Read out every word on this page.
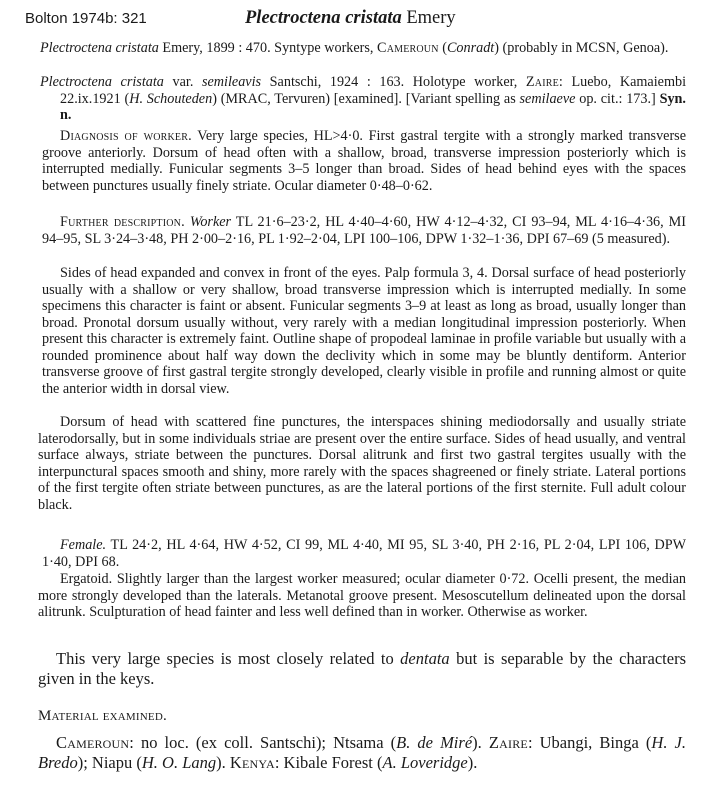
Bolton 1974b: 321	Plectroctena cristata Emery
Plectroctena cristata Emery, 1899 : 470. Syntype workers, Cameroun (Conradt) (probably in MCSN, Genoa).
Plectroctena cristata var. semileavis Santschi, 1924 : 163. Holotype worker, Zaire: Luebo, Kamaiembi 22.ix.1921 (H. Schouteden) (MRAC, Tervuren) [examined]. [Variant spelling as semilaeve op. cit.: 173.] Syn. n.
Diagnosis of worker. Very large species, HL>4·0. First gastral tergite with a strongly marked transverse groove anteriorly. Dorsum of head often with a shallow, broad, transverse impression posteriorly which is interrupted medially. Funicular segments 3–5 longer than broad. Sides of head behind eyes with the spaces between punctures usually finely striate. Ocular diameter 0·48–0·62.
Further description. Worker TL 21·6–23·2, HL 4·40–4·60, HW 4·12–4·32, CI 93–94, ML 4·16–4·36, MI 94–95, SL 3·24–3·48, PH 2·00–2·16, PL 1·92–2·04, LPI 100–106, DPW 1·32–1·36, DPI 67–69 (5 measured).
Sides of head expanded and convex in front of the eyes. Palp formula 3, 4. Dorsal surface of head posteriorly usually with a shallow or very shallow, broad transverse impression which is interrupted medially. In some specimens this character is faint or absent. Funicular segments 3–9 at least as long as broad, usually longer than broad. Pronotal dorsum usually without, very rarely with a median longitudinal impression posteriorly. When present this character is extremely faint. Outline shape of propodeal laminae in profile variable but usually with a rounded prominence about half way down the declivity which in some may be bluntly dentiform. Anterior transverse groove of first gastral tergite strongly developed, clearly visible in profile and running almost or quite the anterior width in dorsal view.
Dorsum of head with scattered fine punctures, the interspaces shining mediodorsally and usually striate laterodorsally, but in some individuals striae are present over the entire surface. Sides of head usually, and ventral surface always, striate between the punctures. Dorsal alitrunk and first two gastral tergites usually with the interpunctural spaces smooth and shiny, more rarely with the spaces shagreened or finely striate. Lateral portions of the first tergite often striate between punctures, as are the lateral portions of the first sternite. Full adult colour black.
Female. TL 24·2, HL 4·64, HW 4·52, CI 99, ML 4·40, MI 95, SL 3·40, PH 2·16, PL 2·04, LPI 106, DPW 1·40, DPI 68.
Ergatoid. Slightly larger than the largest worker measured; ocular diameter 0·72. Ocelli present, the median more strongly developed than the laterals. Metanotal groove present. Mesoscutellum delineated upon the dorsal alitrunk. Sculpturation of head fainter and less well defined than in worker. Otherwise as worker.
This very large species is most closely related to dentata but is separable by the characters given in the keys.
Material examined.
Cameroun: no loc. (ex coll. Santschi); Ntsama (B. de Miré). Zaire: Ubangi, Binga (H. J. Bredo); Niapu (H. O. Lang). Kenya: Kibale Forest (A. Loveridge).
